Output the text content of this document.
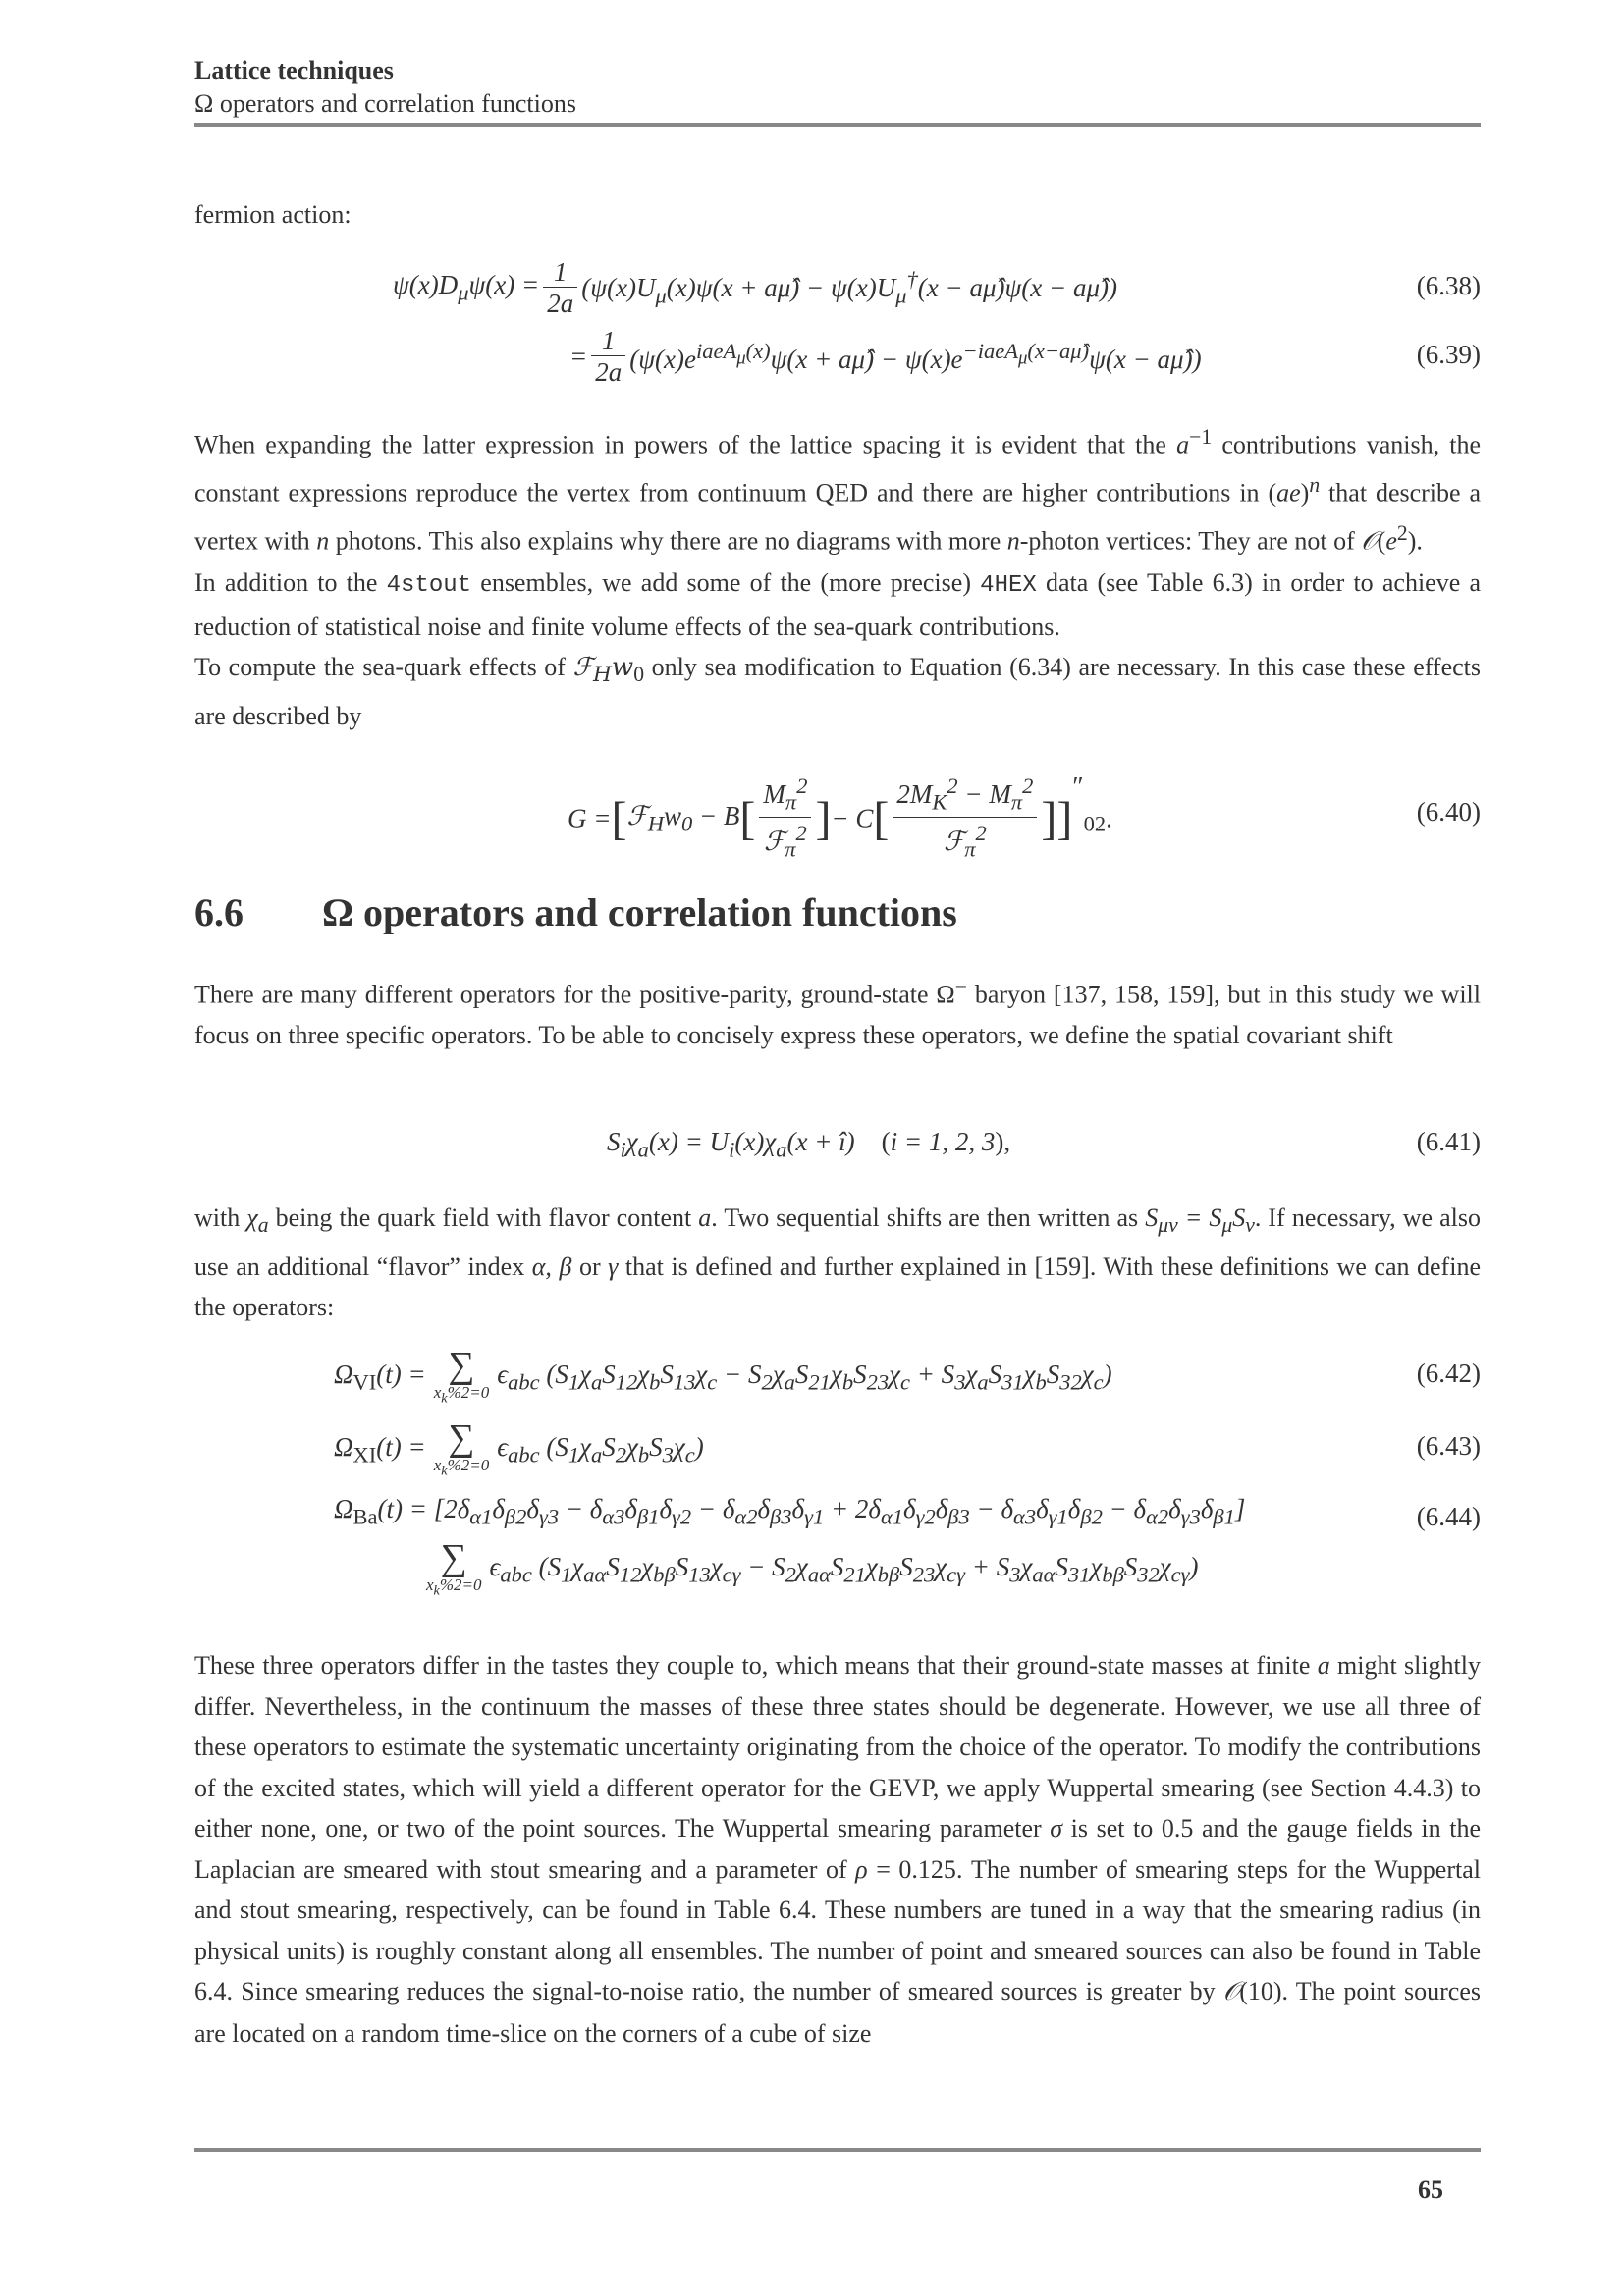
Lattice techniques
Ω operators and correlation functions

fermion action:

$\psi(x)D_\mu\psi(x) = \frac{1}{2a} (\psi(x)U_\mu(x)\psi(x$ + aμ̂) − $\psi(x)U_\mu^\dagger(x$ − aμ̂)ψ(x − aμ̂))	(6.38)
= $\frac{1}{2a} (\psi(x)e^{iaeA_\mu(x)}\psi(x$ + aμ̂) − $\psi(x)e^{-iaeA_\mu(x-a\mû)}\psi(x$ − aμ̂))	(6.39)

When expanding the latter expression in powers of the lattice spacing it is evident that the $a^{-1}$ contributions vanish, the constant expressions reproduce the vertex from continuum QED and there are higher contributions in (ae)$^n$ that describe a vertex with n photons. This also explains why there are no diagrams with more n-photon vertices: They are not of $𝒪(e^2)$.

In addition to the 4stout ensembles, we add some of the (more precise) 4HEX data (see Table 6.3) in order to achieve a reduction of statistical noise and finite volume effects of the sea-quark contributions.

To compute the sea-quark effects of $ℱ_Hw_0$ only sea modification to Equation (6.34) are necessary. In this case these effects are described by

$G =[ℱ_Hw_0 - B[ \frac{M_\pi^2}{ℱ_\pi^2}$ ]− $C[ \frac{2M_K^2 - M_\pi^2}{ℱ_\pi^2} ]]''_{02}$.	(6.40)
6.6 Ω operators and correlation functions

There are many different operators for the positive-parity, ground-state Ω− baryon [137, 158, 159], but in this study we will focus on three specific operators. To be able to concisely express these operators, we define the spatial covariant shift

$S_i\chi_a(x) = U_i(x)\chi_a(x$ + î)    (i = 1, 2, 3),	(6.41)

with $\chi_a$ being the quark field with flavor content a. Two sequential shifts are then written as $S_{\mu\nu} = S_\mu S_\nu$. If necessary, we also use an additional “flavor” index α, β or γ that is defined and further explained in [159]. With these definitions we can define the operators:

$\Omega_{VI}(t)$ = ∑
$x_k\%2=0$
$\epsilon_{abc}$ $(S_1\chi_aS_{12}\chi_bS_{13}\chi_c - S_2\chi_aS_{21}\chi_bS_{23}\chi_c + S_3\chi_aS_{31}\chi_bS_{32}\chi_c)$	(6.42)
$\Omega_{XI}(t)$ = ∑
$x_k\%2=0$
$\epsilon_{abc}$ $(S_1\chi_aS_2\chi_bS_3\chi_c)$	(6.43)
$\Omega_{Ba}(t) = [2\delta_{\alpha 1}\delta_{\beta 2}\delta_{\gamma 3} - \delta_{\alpha 3}\delta_{\beta 1}\delta_{\gamma 2} - \delta_{\alpha 2}\delta_{\beta 3}\delta_{\gamma 1} + 2\delta_{\alpha 1}\delta_{\gamma 2}\delta_{\beta 3} - \delta_{\alpha 3}\delta_{\gamma 1}\delta_{\beta 2} - \delta_{\alpha 2}\delta_{\gamma 3}\delta_{\beta 1}]$
∑
$x_k\%2=0$
$\epsilon_{abc}$ $(S_1\chi_{a\alpha}S_{12}\chi_{b\beta}S_{13}\chi_{c\gamma} - S_2\chi_{a\alpha}S_{21}\chi_{b\beta}S_{23}\chi_{c\gamma} + S_3\chi_{a\alpha}S_{31}\chi_{b\beta}S_{32}\chi_{c\gamma})$
(6.44)

These three operators differ in the tastes they couple to, which means that their ground-state masses at finite a might slightly differ. Nevertheless, in the continuum the masses of these three states should be degenerate. However, we use all three of these operators to estimate the systematic uncertainty originating from the choice of the operator. To modify the contributions of the excited states, which will yield a different operator for the GEVP, we apply Wuppertal smearing (see Section 4.4.3) to either none, one, or two of the point sources. The Wuppertal smearing parameter σ is set to 0.5 and the gauge fields in the Laplacian are smeared with stout smearing and a parameter of ρ = 0.125. The number of smearing steps for the Wuppertal and stout smearing, respectively, can be found in Table 6.4. These numbers are tuned in a way that the smearing radius (in physical units) is roughly constant along all ensembles. The number of point and smeared sources can also be found in Table 6.4. Since smearing reduces the signal-to-noise ratio, the number of smeared sources is greater by 𝒪(10). The point sources are located on a random time-slice on the corners of a cube of size

65
